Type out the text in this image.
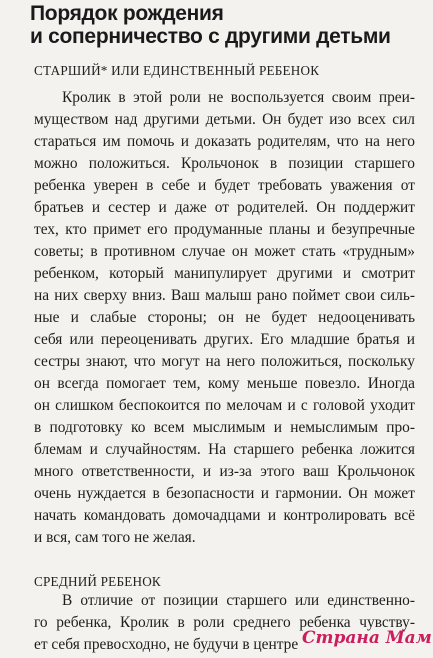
Порядок рождения
и соперничество с другими детьми
СТАРШИЙ* ИЛИ ЕДИНСТВЕННЫЙ РЕБЕНОК
Кролик в этой роли не воспользуется своим преи-
муществом над другими детьми. Он будет изо всех сил
стараться им помочь и доказать родителям, что на него
можно положиться. Крольчонок в позиции старшего
ребенка уверен в себе и будет требовать уважения от
братьев и сестер и даже от родителей. Он поддержит
тех, кто примет его продуманные планы и безупречные
советы; в противном случае он может стать «трудным»
ребенком, который манипулирует другими и смотрит
на них сверху вниз. Ваш малыш рано поймет свои силь-
ные и слабые стороны; он не будет недооценивать
себя или переоценивать других. Его младшие братья и
сестры знают, что могут на него положиться, поскольку
он всегда помогает тем, кому меньше повезло. Иногда
он слишком беспокоится по мелочам и с головой уходит
в подготовку ко всем мыслимым и немыслимым про-
блемам и случайностям. На старшего ребенка ложится
много ответственности, и из-за этого ваш Крольчонок
очень нуждается в безопасности и гармонии. Он может
начать командовать домочадцами и контролировать всё
и вся, сам того не желая.
СРЕДНИЙ РЕБЕНОК
В отличие от позиции старшего или единственно-
го ребенка, Кролик в роли среднего ребенка чувству-
ет себя превосходно, не будучи в центре Страна Мам
